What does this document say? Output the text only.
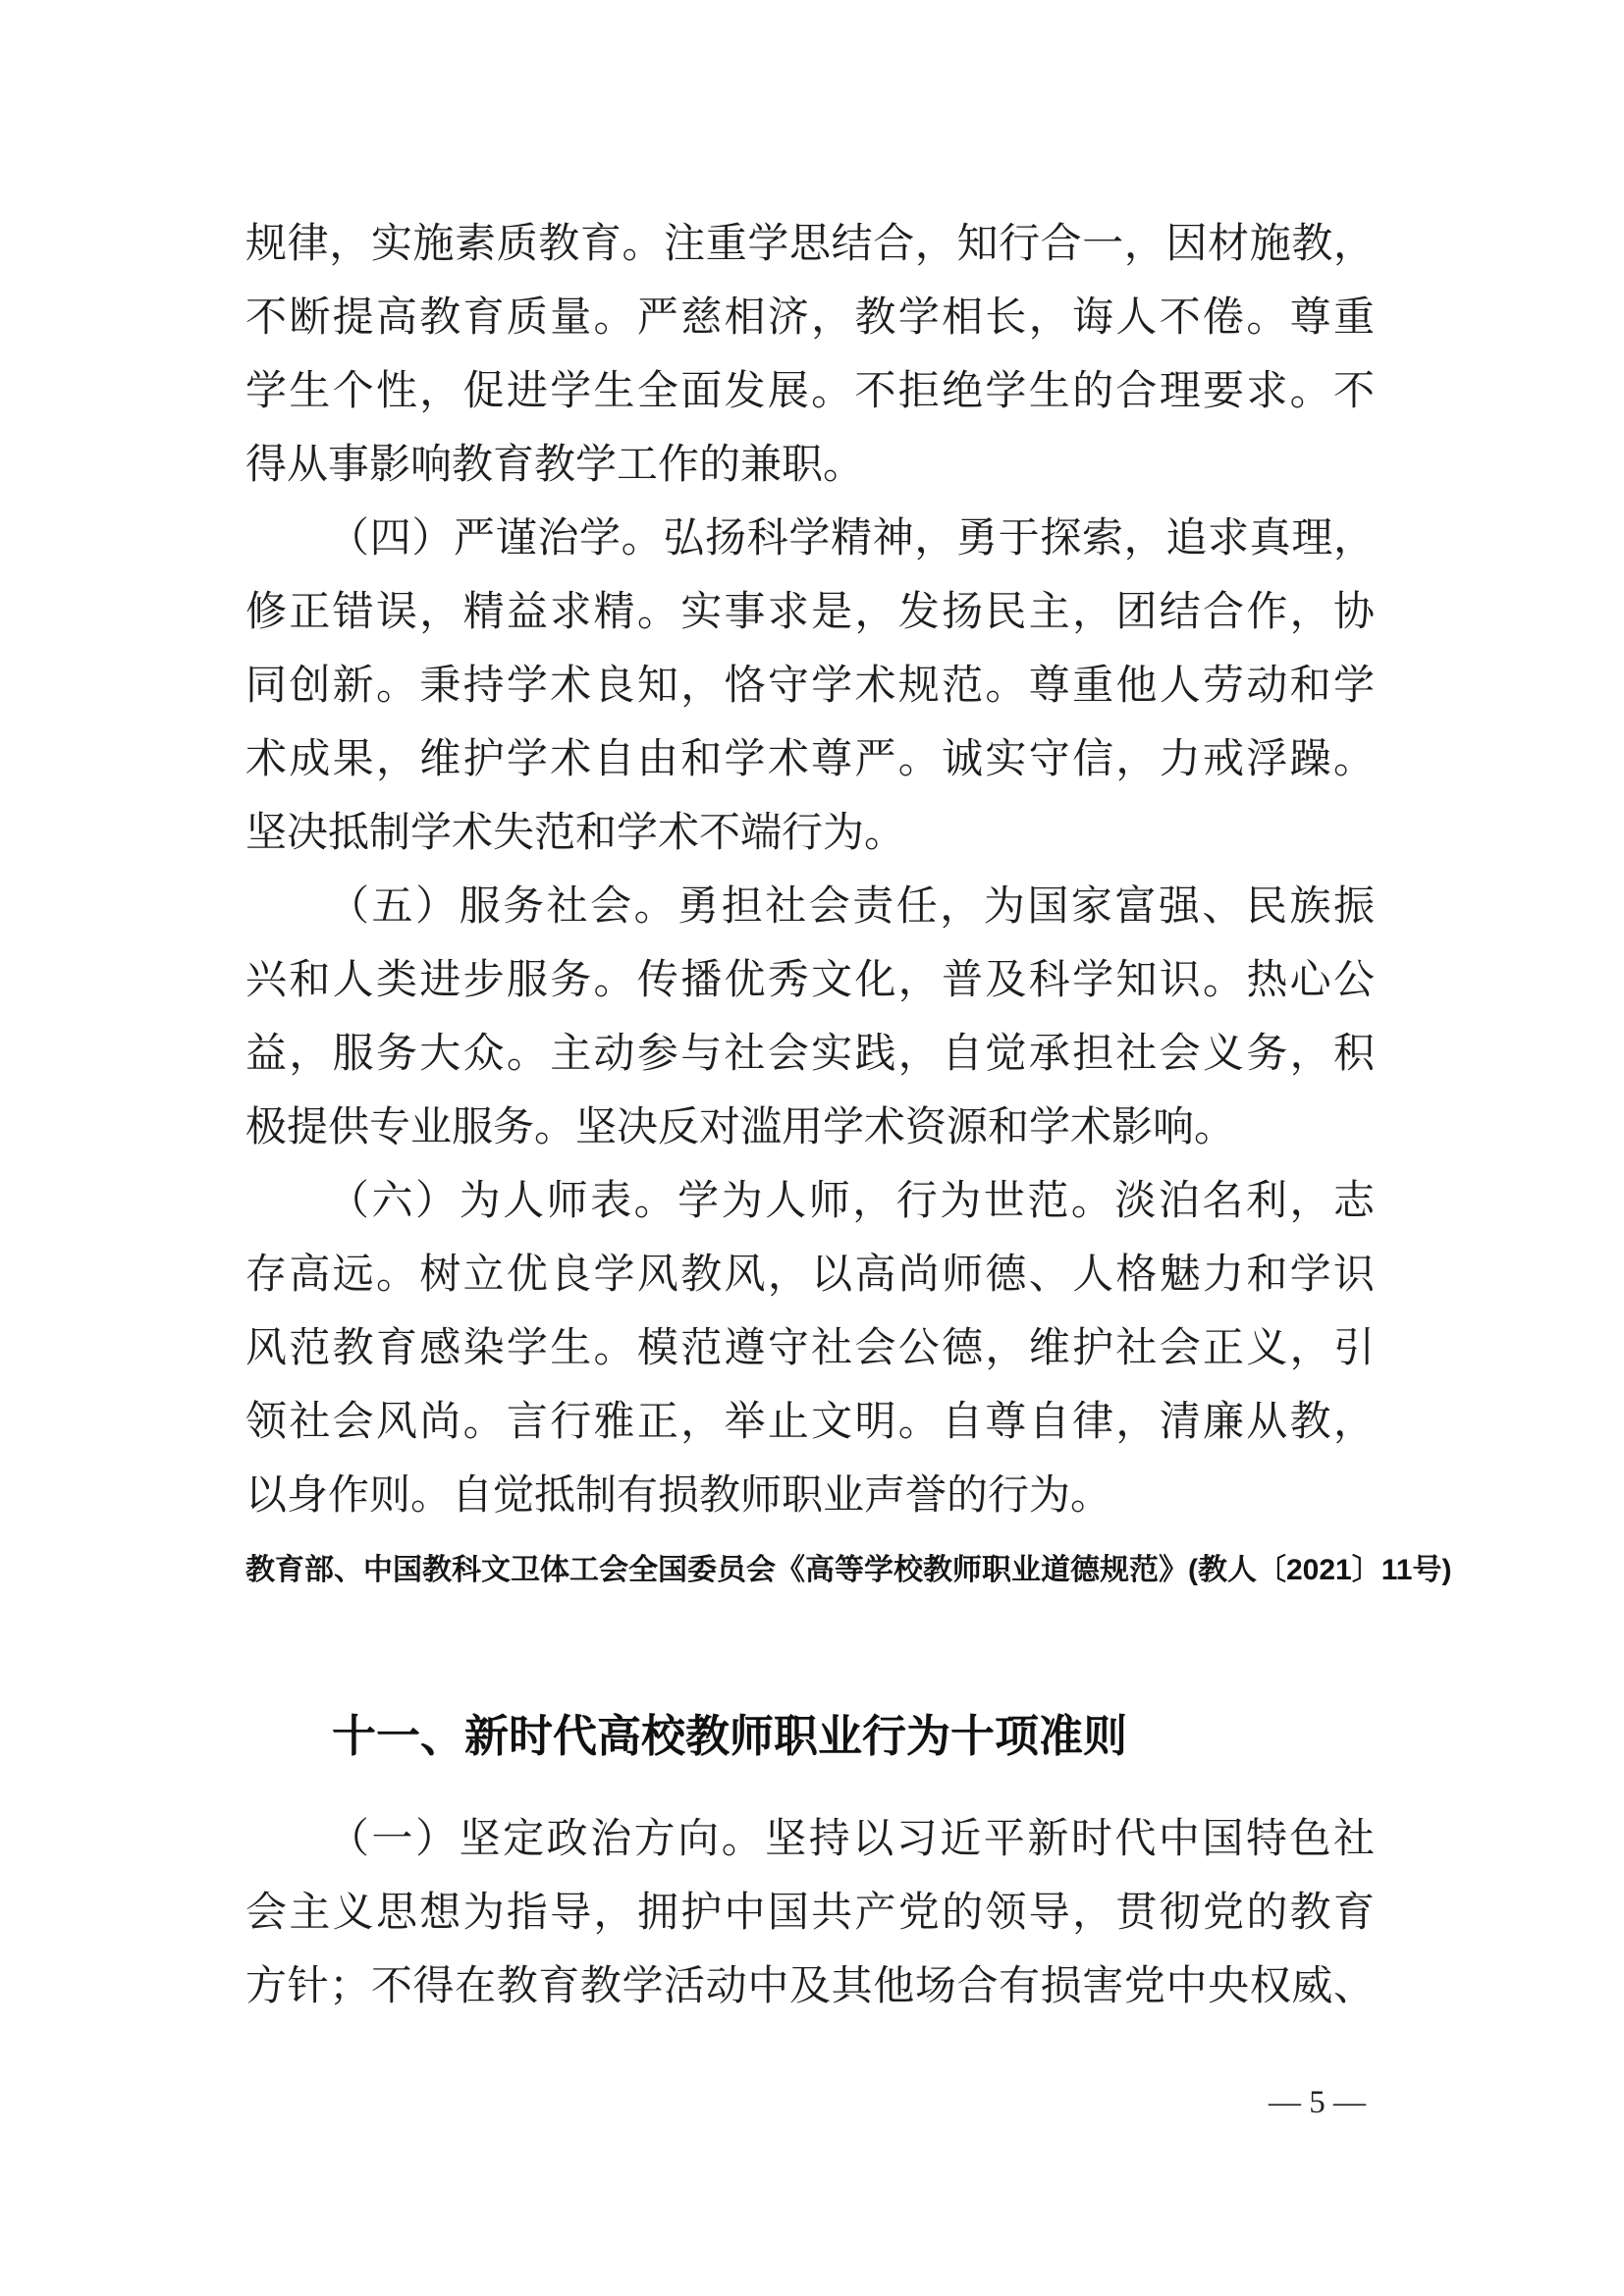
规律，实施素质教育。注重学思结合，知行合一，因材施教，

不断提高教育质量。严慈相济，教学相长，诲人不倦。尊重

学生个性，促进学生全面发展。不拒绝学生的合理要求。不

得从事影响教育教学工作的兼职。

（四）严谨治学。弘扬科学精神，勇于探索，追求真理，

修正错误，精益求精。实事求是，发扬民主，团结合作，协

同创新。秉持学术良知，恪守学术规范。尊重他人劳动和学

术成果，维护学术自由和学术尊严。诚实守信，力戒浮躁。

坚决抵制学术失范和学术不端行为。

（五）服务社会。勇担社会责任，为国家富强、民族振

兴和人类进步服务。传播优秀文化，普及科学知识。热心公

益，服务大众。主动参与社会实践，自觉承担社会义务，积

极提供专业服务。坚决反对滥用学术资源和学术影响。

（六）为人师表。学为人师，行为世范。淡泊名利，志

存高远。树立优良学风教风，以高尚师德、人格魅力和学识

风范教育感染学生。模范遵守社会公德，维护社会正义，引

领社会风尚。言行雅正，举止文明。自尊自律，清廉从教，

以身作则。自觉抵制有损教师职业声誉的行为。

教育部、中国教科文卫体工会全国委员会《高等学校教师职业道德规范》(教人〔2021〕11号)
十一、新时代高校教师职业行为十项准则

（一）坚定政治方向。坚持以习近平新时代中国特色社

会主义思想为指导，拥护中国共产党的领导，贯彻党的教育

方针；不得在教育教学活动中及其他场合有损害党中央权威、

— 5 —
